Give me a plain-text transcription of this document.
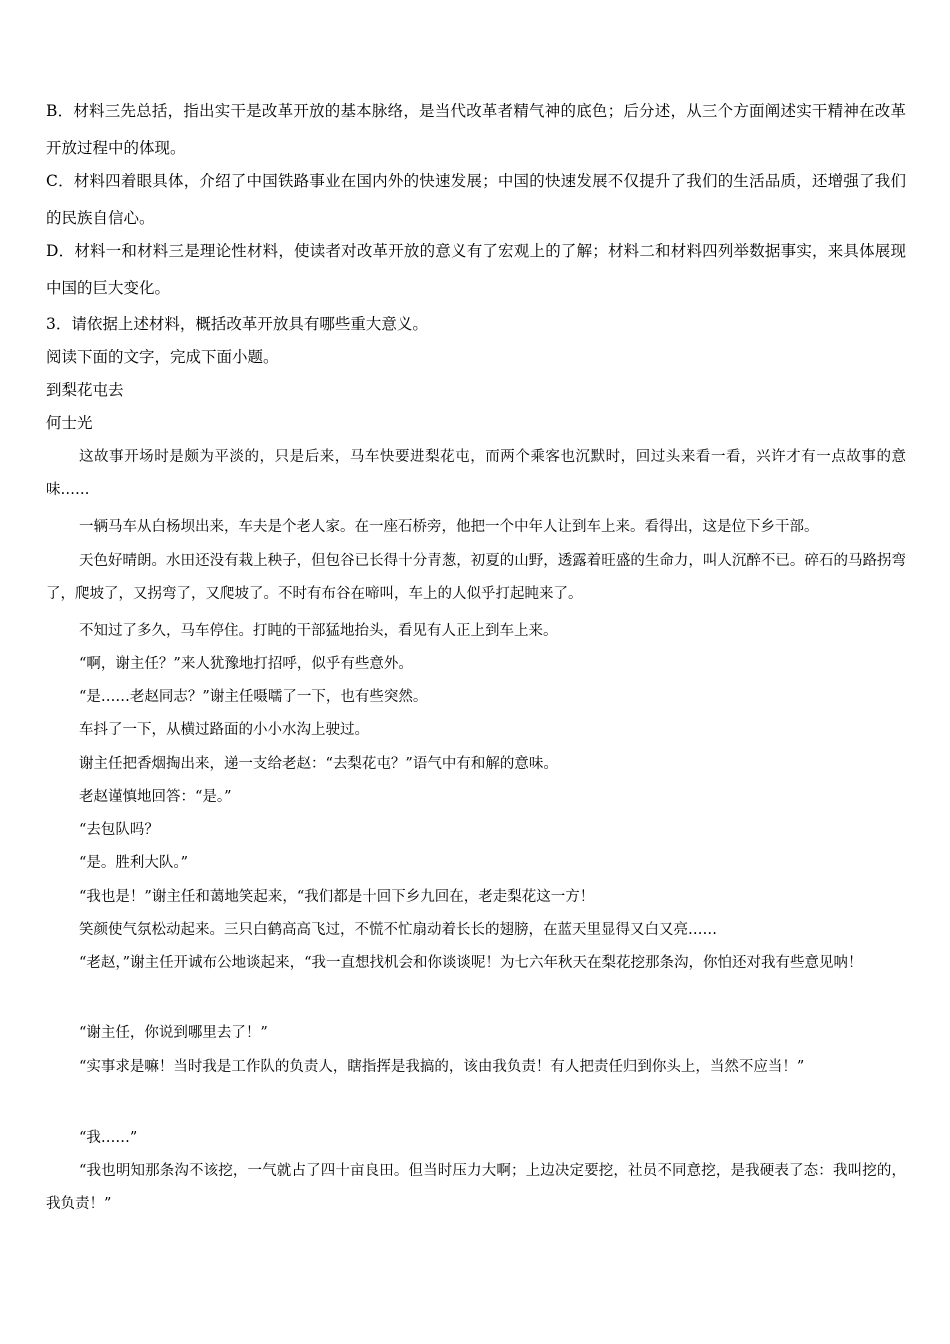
B．材料三先总括，指出实干是改革开放的基本脉络，是当代改革者精气神的底色；后分述，从三个方面阐述实干精神在改革开放过程中的体现。

C．材料四着眼具体，介绍了中国铁路事业在国内外的快速发展；中国的快速发展不仅提升了我们的生活品质，还增强了我们的民族自信心。

D．材料一和材料三是理论性材料，使读者对改革开放的意义有了宏观上的了解；材料二和材料四列举数据事实，来具体展现中国的巨大变化。

3．请依据上述材料，概括改革开放具有哪些重大意义。

阅读下面的文字，完成下面小题。

到梨花屯去

何士光

这故事开场时是颇为平淡的，只是后来，马车快要进梨花屯，而两个乘客也沉默时，回过头来看一看，兴许才有一点故事的意味……

一辆马车从白杨坝出来，车夫是个老人家。在一座石桥旁，他把一个中年人让到车上来。看得出，这是位下乡干部。

天色好晴朗。水田还没有栽上秧子，但包谷已长得十分青葱，初夏的山野，透露着旺盛的生命力，叫人沉醉不已。碎石的马路拐弯了，爬坡了，又拐弯了，又爬坡了。不时有布谷在啼叫，车上的人似乎打起盹来了。

不知过了多久，马车停住。打盹的干部猛地抬头，看见有人正上到车上来。

“啊，谢主任？”来人犹豫地打招呼，似乎有些意外。

“是……老赵同志？”谢主任嗫嚅了一下，也有些突然。

车抖了一下，从横过路面的小小水沟上驶过。

谢主任把香烟掏出来，递一支给老赵：“去梨花屯？”语气中有和解的意味。

老赵谨慎地回答：“是。”

“去包队吗？

“是。胜利大队。”

“我也是！”谢主任和蔼地笑起来，“我们都是十回下乡九回在，老走梨花这一方！

笑颜使气氛松动起来。三只白鹤高高飞过，不慌不忙扇动着长长的翅膀，在蓝天里显得又白又亮……

“老赵，”谢主任开诚布公地谈起来，“我一直想找机会和你谈谈呢！为七六年秋天在梨花挖那条沟，你怕还对我有些意见呐！

“谢主任，你说到哪里去了！”

“实事求是嘛！当时我是工作队的负责人，瞎指挥是我搞的，该由我负责！有人把责任归到你头上，当然不应当！”

“我……”

“我也明知那条沟不该挖，一气就占了四十亩良田。但当时压力大啊；上边决定要挖，社员不同意挖，是我硬表了态：我叫挖的，我负责！”
